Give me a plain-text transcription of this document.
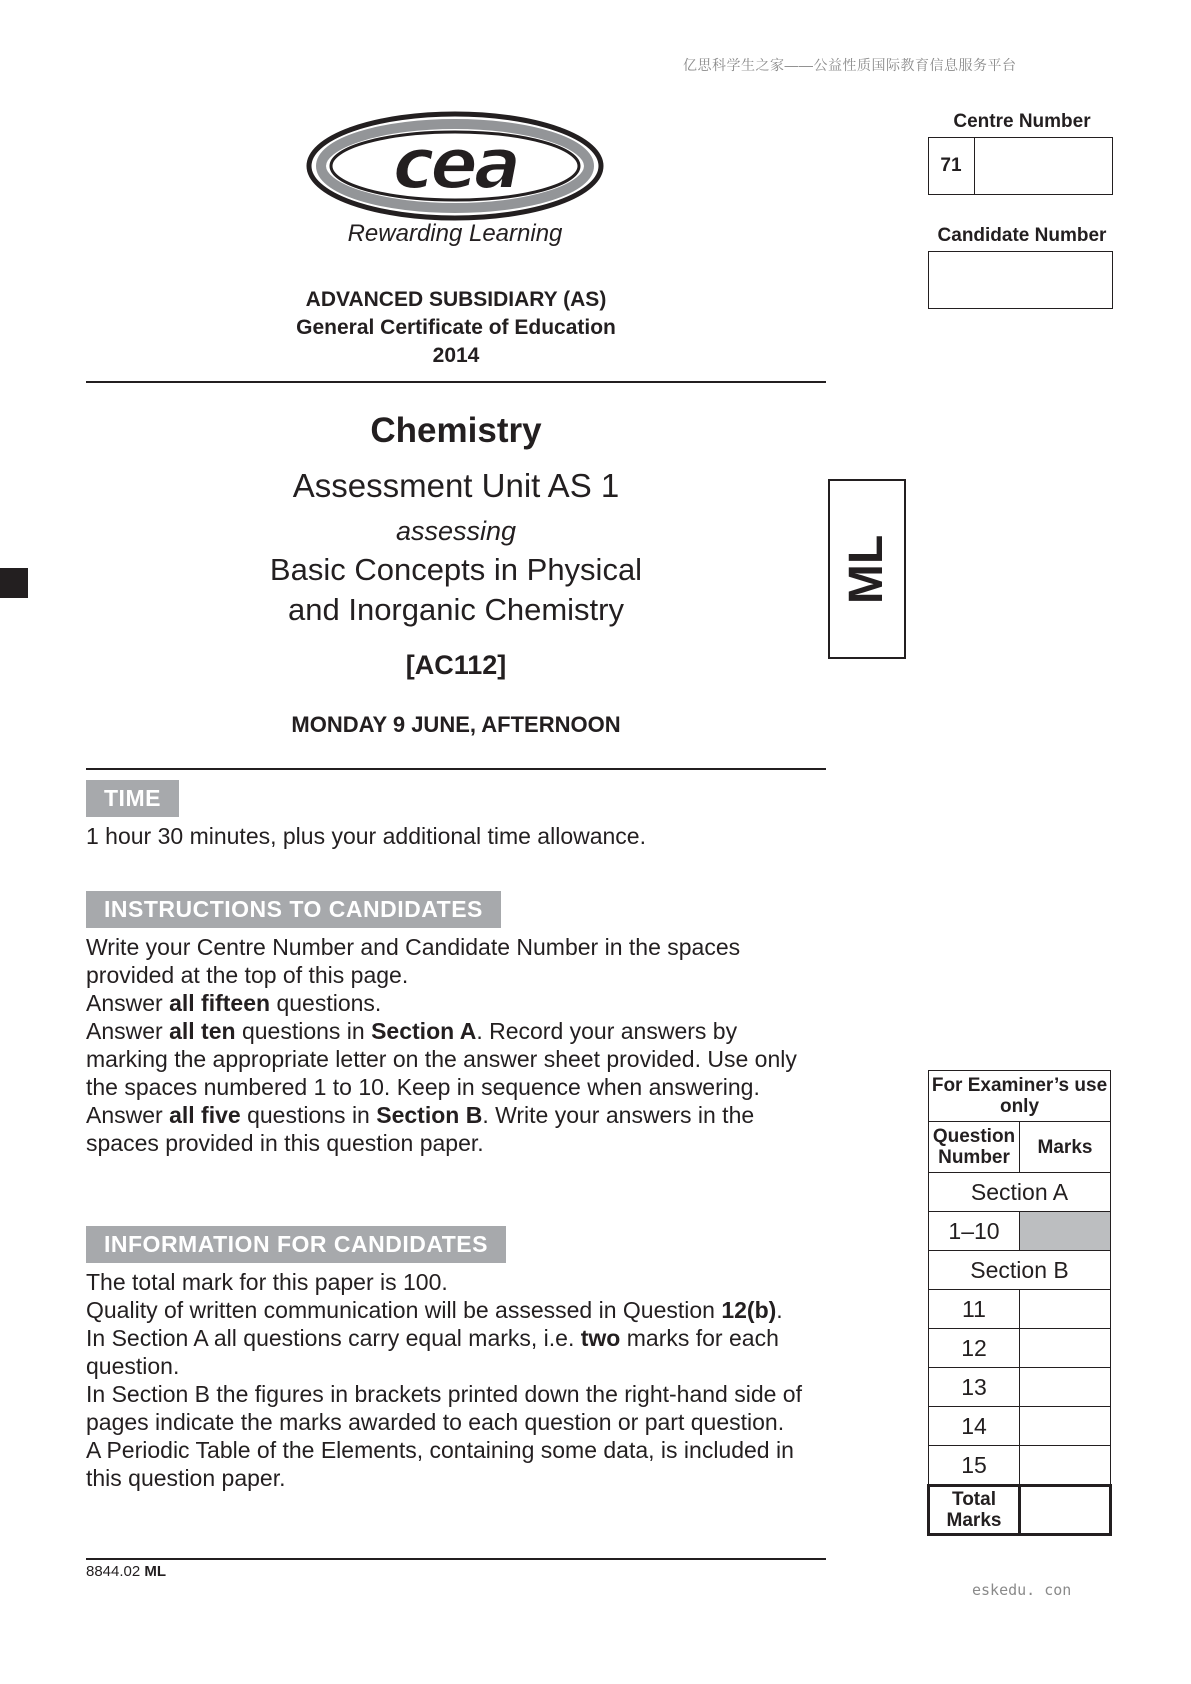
亿思科学生之家——公益性质国际教育信息服务平台
cea
Rewarding Learning
ADVANCED SUBSIDIARY (AS)
General Certificate of Education
2014
Chemistry
Assessment Unit AS 1
assessing
Basic Concepts in Physical
and Inorganic Chemistry
[AC112]
MONDAY 9 JUNE, AFTERNOON
ML
TIME
1 hour 30 minutes, plus your additional time allowance.
INSTRUCTIONS TO CANDIDATES
Write your Centre Number and Candidate Number in the spaces provided at the top of this page.
Answer all fifteen questions.
Answer all ten questions in Section A. Record your answers by marking the appropriate letter on the answer sheet provided. Use only the spaces numbered 1 to 10. Keep in sequence when answering.
Answer all five questions in Section B. Write your answers in the spaces provided in this question paper.
INFORMATION FOR CANDIDATES
The total mark for this paper is 100.
Quality of written communication will be assessed in Question 12(b).
In Section A all questions carry equal marks, i.e. two marks for each question.
In Section B the figures in brackets printed down the right-hand side of pages indicate the marks awarded to each question or part question.
A Periodic Table of the Elements, containing some data, is included in this question paper.
8844.02 ML
Centre Number
71
Candidate Number
For Examiner’s use only	
Question Number	Marks
Section A	
1–10	
Section B	
11	
12	
13	
14	
15	
Total Marks	
eskedu. con
